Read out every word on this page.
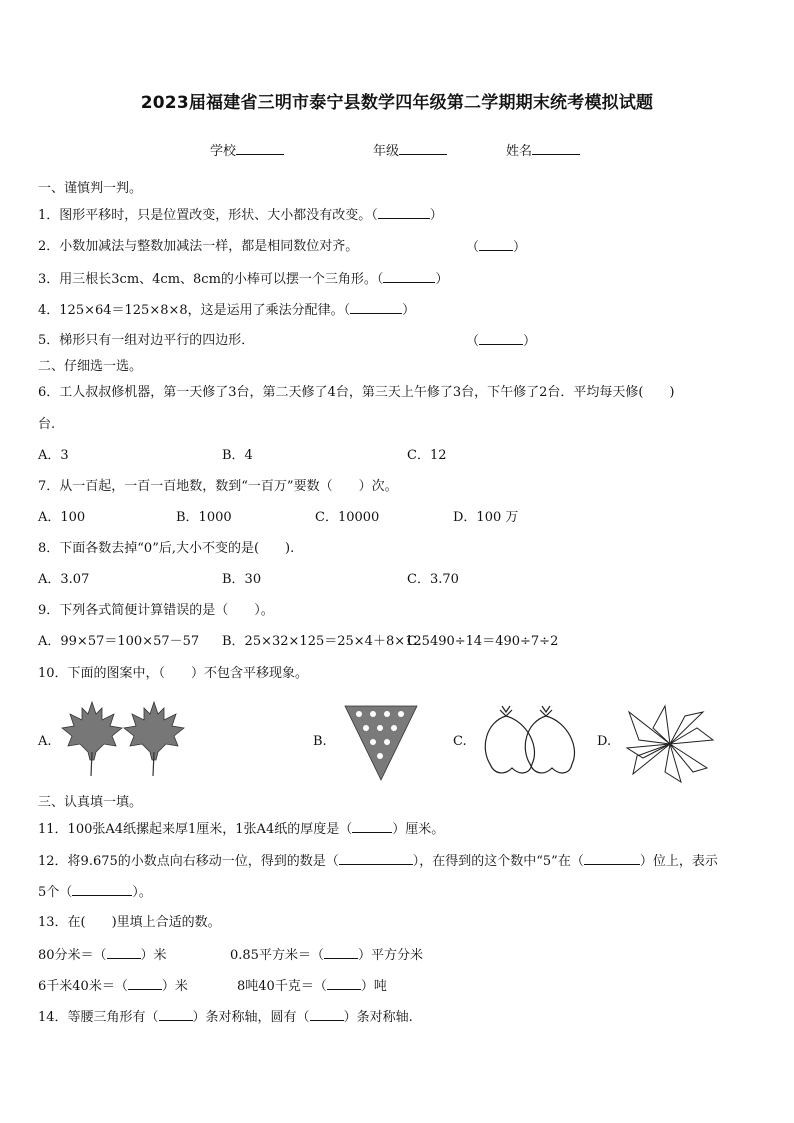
2023届福建省三明市泰宁县数学四年级第二学期期末统考模拟试题
学校	年级	姓名
一、谨慎判一判。
1．图形平移时，只是位置改变，形状、大小都没有改变。（	）
2．小数加减法与整数加减法一样，都是相同数位对齐。	（	）
3．用三根长3cm、4cm、8cm的小棒可以摆一个三角形。（	）
4．125×64＝125×8×8，这是运用了乘法分配律。（	）
5．梯形只有一组对边平行的四边形．	（	）
二、仔细选一选。
6．工人叔叔修机器，第一天修了3台，第二天修了4台，第三天上午修了3台，下午修了2台．平均每天修(　　)
台.
A．3	B．4	C．12
7．从一百起，一百一百地数，数到“一百万”要数（　　）次。
A．100	B．1000	C．10000	D．100 万
8．下面各数去掉“0”后,大小不变的是(　　).
A．3.07	B．30	C．3.70
9．下列各式简便计算错误的是（　　）。
A．99×57＝100×57－57 B．25×32×125＝25×4＋8×125
C．490÷14＝490÷7÷2
10．下面的图案中，（　　）不包含平移现象。
A.	B.	C.	D.
三、认真填一填。
11．100张A4纸摞起来厚1厘米，1张A4纸的厚度是（	）厘米。
12．将9.675的小数点向右移动一位，得到的数是（	），在得到的这个数中“5”在（	）位上，表示
5个（	）。
13．在(　　)里填上合适的数。
80分米＝（	）米	0.85平方米＝（	）平方分米
6千米40米＝（	）米	8吨40千克＝（	）吨
14．等腰三角形有（	）条对称轴，圆有（	）条对称轴.
